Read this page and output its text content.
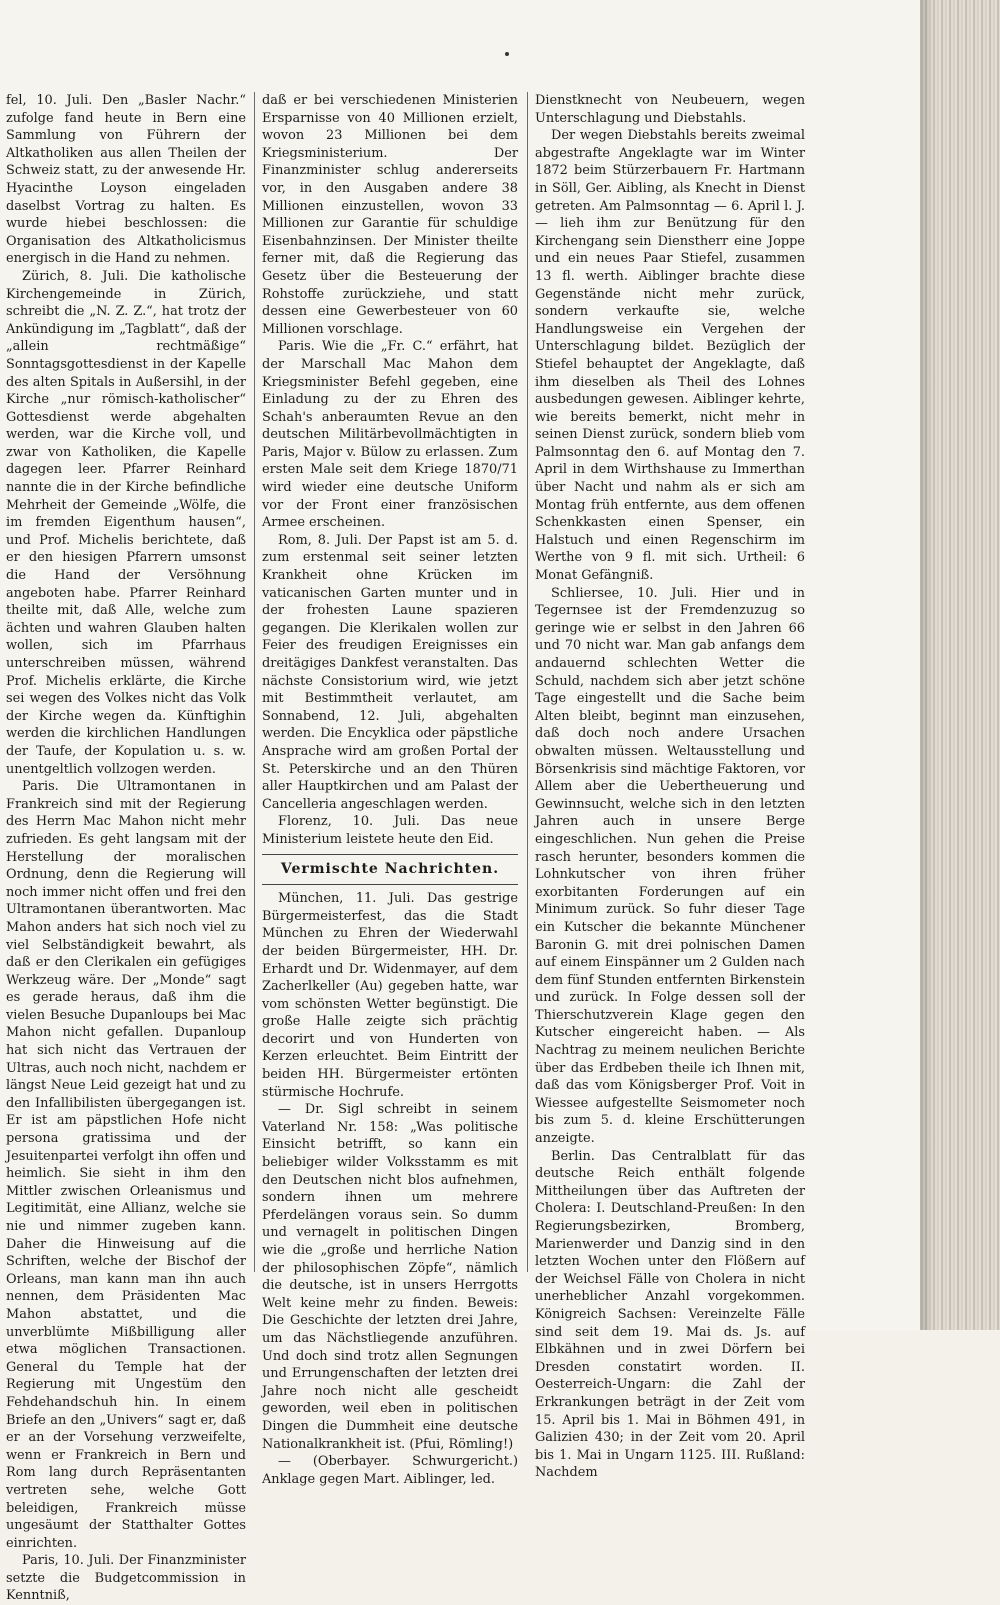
fel, 10. Juli. Den „Basler Nachr.“ zufolge fand heute in Bern eine Sammlung von Führern der Altkatholiken aus allen Theilen der Schweiz statt, zu der anwesende Hr. Hyacinthe Loyson eingeladen daselbst Vortrag zu halten. Es wurde hiebei beschlossen: die Organisation des Altkatholicismus energisch in die Hand zu nehmen.

Zürich, 8. Juli. Die katholische Kirchengemeinde in Zürich, schreibt die „N. Z. Z.“, hat trotz der Ankündigung im „Tagblatt“, daß der „allein rechtmäßige“ Sonntagsgottesdienst in der Kapelle des alten Spitals in Außersihl, in der Kirche „nur römisch-katholischer“ Gottesdienst werde abgehalten werden, war die Kirche voll, und zwar von Katholiken, die Kapelle dagegen leer. Pfarrer Reinhard nannte die in der Kirche befindliche Mehrheit der Gemeinde „Wölfe, die im fremden Eigenthum hausen“, und Prof. Michelis berichtete, daß er den hiesigen Pfarrern umsonst die Hand der Versöhnung angeboten habe. Pfarrer Reinhard theilte mit, daß Alle, welche zum ächten und wahren Glauben halten wollen, sich im Pfarrhaus unterschreiben müssen, während Prof. Michelis erklärte, die Kirche sei wegen des Volkes nicht das Volk der Kirche wegen da. Künftighin werden die kirchlichen Handlungen der Taufe, der Kopulation u. s. w. unentgeltlich vollzogen werden.

Paris. Die Ultramontanen in Frankreich sind mit der Regierung des Herrn Mac Mahon nicht mehr zufrieden. Es geht langsam mit der Herstellung der moralischen Ordnung, denn die Regierung will noch immer nicht offen und frei den Ultramontanen überantworten. Mac Mahon anders hat sich noch viel zu viel Selbständigkeit bewahrt, als daß er den Clerikalen ein gefügiges Werkzeug wäre. Der „Monde“ sagt es gerade heraus, daß ihm die vielen Besuche Dupanloups bei Mac Mahon nicht gefallen. Dupanloup hat sich nicht das Vertrauen der Ultras, auch noch nicht, nachdem er längst Neue Leid gezeigt hat und zu den Infallibilisten übergegangen ist. Er ist am päpstlichen Hofe nicht persona gratissima und der Jesuitenpartei verfolgt ihn offen und heimlich. Sie sieht in ihm den Mittler zwischen Orleanismus und Legitimität, eine Allianz, welche sie nie und nimmer zugeben kann. Daher die Hinweisung auf die Schriften, welche der Bischof der Orleans, man kann man ihn auch nennen, dem Präsidenten Mac Mahon abstattet, und die unverblümte Mißbilligung aller etwa möglichen Transactionen. General du Temple hat der Regierung mit Ungestüm den Fehdehandschuh hin. In einem Briefe an den „Univers“ sagt er, daß er an der Vorsehung verzweifelte, wenn er Frankreich in Bern und Rom lang durch Repräsentanten vertreten sehe, welche Gott beleidigen, Frankreich müsse ungesäumt der Statthalter Gottes einrichten.

Paris, 10. Juli. Der Finanzminister setzte die Budgetcommission in Kenntniß,

daß er bei verschiedenen Ministerien Ersparnisse von 40 Millionen erzielt, wovon 23 Millionen bei dem Kriegsministerium. Der Finanzminister schlug andererseits vor, in den Ausgaben andere 38 Millionen einzustellen, wovon 33 Millionen zur Garantie für schuldige Eisenbahnzinsen. Der Minister theilte ferner mit, daß die Regierung das Gesetz über die Besteuerung der Rohstoffe zurückziehe, und statt dessen eine Gewerbesteuer von 60 Millionen vorschlage.

Paris. Wie die „Fr. C.“ erfährt, hat der Marschall Mac Mahon dem Kriegsminister Befehl gegeben, eine Einladung zu der zu Ehren des Schah's anberaumten Revue an den deutschen Militärbevollmächtigten in Paris, Major v. Bülow zu erlassen. Zum ersten Male seit dem Kriege 1870/71 wird wieder eine deutsche Uniform vor der Front einer französischen Armee erscheinen.

Rom, 8. Juli. Der Papst ist am 5. d. zum erstenmal seit seiner letzten Krankheit ohne Krücken im vaticanischen Garten munter und in der frohesten Laune spazieren gegangen. Die Klerikalen wollen zur Feier des freudigen Ereignisses ein dreitägiges Dankfest veranstalten. Das nächste Consistorium wird, wie jetzt mit Bestimmtheit verlautet, am Sonnabend, 12. Juli, abgehalten werden. Die Encyklica oder päpstliche Ansprache wird am großen Portal der St. Peterskirche und an den Thüren aller Hauptkirchen und am Palast der Cancelleria angeschlagen werden.

Florenz, 10. Juli. Das neue Ministerium leistete heute den Eid.

Vermischte Nachrichten.

München, 11. Juli. Das gestrige Bürgermeisterfest, das die Stadt München zu Ehren der Wiederwahl der beiden Bürgermeister, HH. Dr. Erhardt und Dr. Widenmayer, auf dem Zacherlkeller (Au) gegeben hatte, war vom schönsten Wetter begünstigt. Die große Halle zeigte sich prächtig decorirt und von Hunderten von Kerzen erleuchtet. Beim Eintritt der beiden HH. Bürgermeister ertönten stürmische Hochrufe.

— Dr. Sigl schreibt in seinem Vaterland Nr. 158: „Was politische Einsicht betrifft, so kann ein beliebiger wilder Volksstamm es mit den Deutschen nicht blos aufnehmen, sondern ihnen um mehrere Pferdelängen voraus sein. So dumm und vernagelt in politischen Dingen wie die „große und herrliche Nation der philosophischen Zöpfe“, nämlich die deutsche, ist in unsers Herrgotts Welt keine mehr zu finden. Beweis: Die Geschichte der letzten drei Jahre, um das Nächstliegende anzuführen. Und doch sind trotz allen Segnungen und Errungenschaften der letzten drei Jahre noch nicht alle gescheidt geworden, weil eben in politischen Dingen die Dummheit eine deutsche Nationalkrankheit ist. (Pfui, Römling!)

— (Oberbayer. Schwurgericht.) Anklage gegen Mart. Aiblinger, led.

Dienstknecht von Neubeuern, wegen Unterschlagung und Diebstahls.

Der wegen Diebstahls bereits zweimal abgestrafte Angeklagte war im Winter 1872 beim Stürzerbauern Fr. Hartmann in Söll, Ger. Aibling, als Knecht in Dienst getreten. Am Palmsonntag — 6. April l. J. — lieh ihm zur Benützung für den Kirchengang sein Dienstherr eine Joppe und ein neues Paar Stiefel, zusammen 13 fl. werth. Aiblinger brachte diese Gegenstände nicht mehr zurück, sondern verkaufte sie, welche Handlungsweise ein Vergehen der Unterschlagung bildet. Bezüglich der Stiefel behauptet der Angeklagte, daß ihm dieselben als Theil des Lohnes ausbedungen gewesen. Aiblinger kehrte, wie bereits bemerkt, nicht mehr in seinen Dienst zurück, sondern blieb vom Palmsonntag den 6. auf Montag den 7. April in dem Wirthshause zu Immerthan über Nacht und nahm als er sich am Montag früh entfernte, aus dem offenen Schenkkasten einen Spenser, ein Halstuch und einen Regenschirm im Werthe von 9 fl. mit sich. Urtheil: 6 Monat Gefängniß.

Schliersee, 10. Juli. Hier und in Tegernsee ist der Fremdenzuzug so geringe wie er selbst in den Jahren 66 und 70 nicht war. Man gab anfangs dem andauernd schlechten Wetter die Schuld, nachdem sich aber jetzt schöne Tage eingestellt und die Sache beim Alten bleibt, beginnt man einzusehen, daß doch noch andere Ursachen obwalten müssen. Weltausstellung und Börsenkrisis sind mächtige Faktoren, vor Allem aber die Uebertheuerung und Gewinnsucht, welche sich in den letzten Jahren auch in unsere Berge eingeschlichen. Nun gehen die Preise rasch herunter, besonders kommen die Lohnkutscher von ihren früher exorbitanten Forderungen auf ein Minimum zurück. So fuhr dieser Tage ein Kutscher die bekannte Münchener Baronin G. mit drei polnischen Damen auf einem Einspänner um 2 Gulden nach dem fünf Stunden entfernten Birkenstein und zurück. In Folge dessen soll der Thierschutzverein Klage gegen den Kutscher eingereicht haben. — Als Nachtrag zu meinem neulichen Berichte über das Erdbeben theile ich Ihnen mit, daß das vom Königsberger Prof. Voit in Wiessee aufgestellte Seismometer noch bis zum 5. d. kleine Erschütterungen anzeigte.

Berlin. Das Centralblatt für das deutsche Reich enthält folgende Mittheilungen über das Auftreten der Cholera: I. Deutschland-Preußen: In den Regierungsbezirken, Bromberg, Marienwerder und Danzig sind in den letzten Wochen unter den Flößern auf der Weichsel Fälle von Cholera in nicht unerheblicher Anzahl vorgekommen. Königreich Sachsen: Vereinzelte Fälle sind seit dem 19. Mai ds. Js. auf Elbkähnen und in zwei Dörfern bei Dresden constatirt worden. II. Oesterreich-Ungarn: die Zahl der Erkrankungen beträgt in der Zeit vom 15. April bis 1. Mai in Böhmen 491, in Galizien 430; in der Zeit vom 20. April bis 1. Mai in Ungarn 1125. III. Rußland: Nachdem
